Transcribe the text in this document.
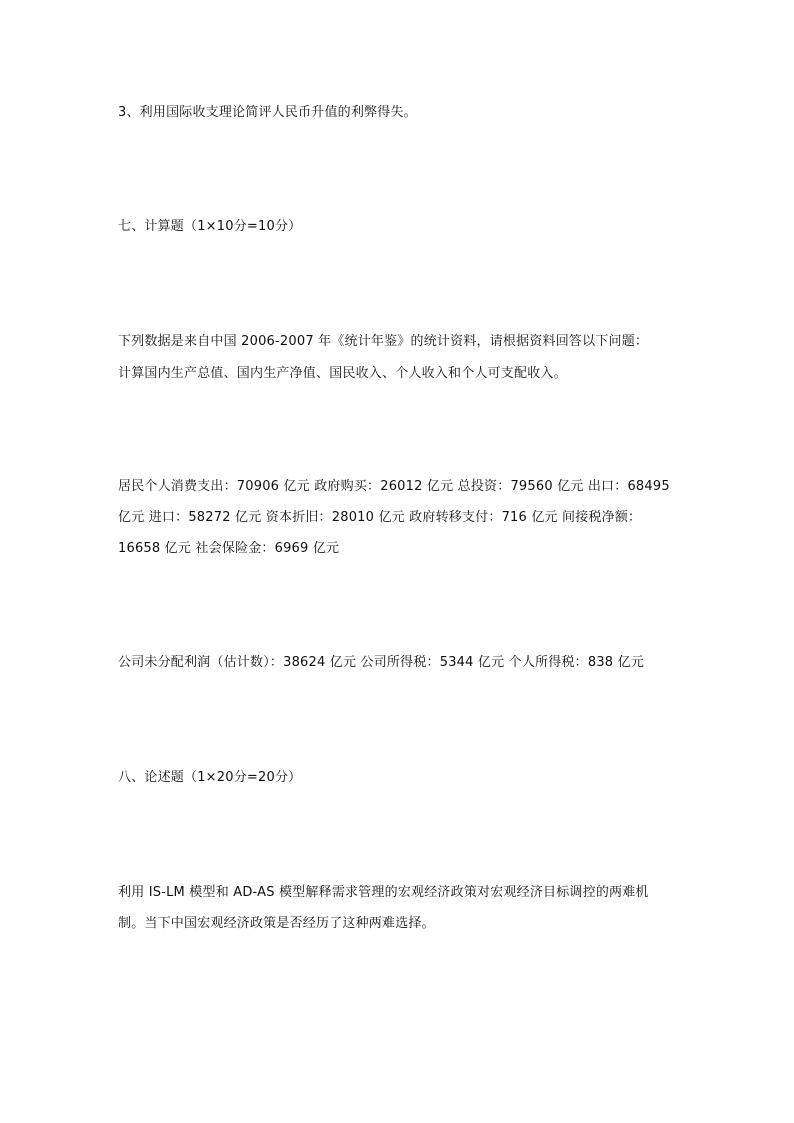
3、利用国际收支理论简评人民币升值的利弊得失。
七、计算题（1×10分=10分）
下列数据是来自中国 2006-2007 年《统计年鉴》的统计资料，请根据资料回答以下问题：
计算国内生产总值、国内生产净值、国民收入、个人收入和个人可支配收入。
居民个人消费支出：70906 亿元 政府购买：26012 亿元 总投资：79560 亿元 出口：68495
亿元 进口：58272 亿元 资本折旧：28010 亿元 政府转移支付：716 亿元 间接税净额：
16658 亿元 社会保险金：6969 亿元
公司未分配利润（估计数）：38624 亿元 公司所得税：5344 亿元 个人所得税：838 亿元
八、论述题（1×20分=20分）
利用 IS-LM 模型和 AD-AS 模型解释需求管理的宏观经济政策对宏观经济目标调控的两难机
制。当下中国宏观经济政策是否经历了这种两难选择。
